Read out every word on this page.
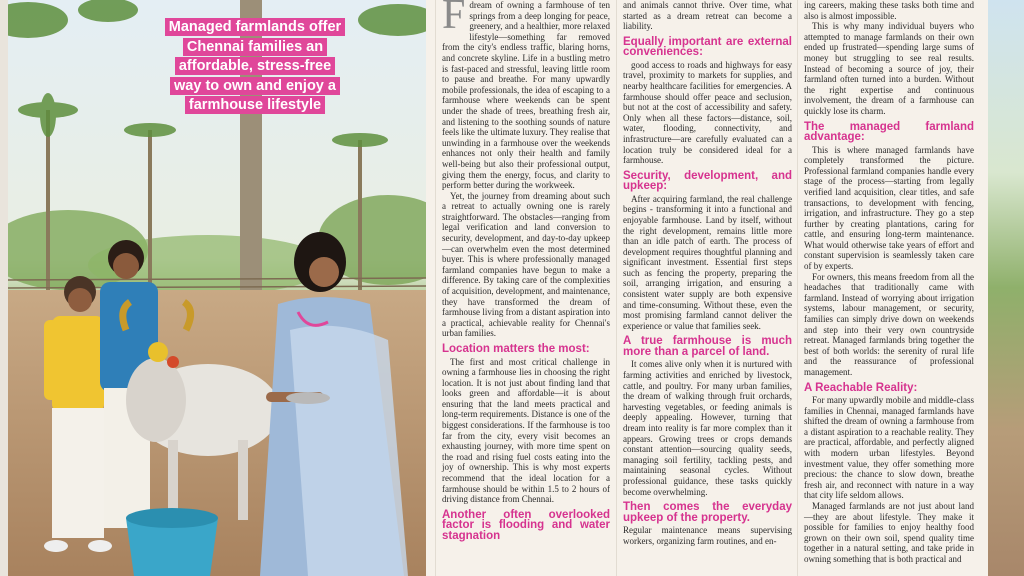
Managed farmlands offer Chennai families an affordable, stress-free way to own and enjoy a farmhouse lifestyle

Fdream of owning a farmhouse of ten springs from a deep longing for peace, greenery, and a healthier, more relaxed lifestyle—something far removed from the city's endless traffic, blaring horns, and concrete skyline. Life in a bustling metro is fast-paced and stressful, leaving little room to pause and breathe. For many upwardly mobile professionals, the idea of escaping to a farmhouse where weekends can be spent under the shade of trees, breathing fresh air, and listening to the soothing sounds of nature feels like the ultimate luxury. They realise that unwinding in a farmhouse over the weekends enhances not only their health and family well-being but also their professional output, giving them the energy, focus, and clarity to perform better during the workweek.

Yet, the journey from dreaming about such a retreat to actually owning one is rarely straightforward. The obstacles—ranging from legal verification and land conversion to security, development, and day-to-day upkeep—can overwhelm even the most determined buyer. This is where professionally managed farmland companies have begun to make a difference. By taking care of the complexities of acquisition, development, and maintenance, they have transformed the dream of farmhouse living from a distant aspiration into a practical, achievable reality for Chennai's urban families.

Location matters the most:

The first and most critical challenge in owning a farmhouse lies in choosing the right location. It is not just about finding land that looks green and affordable—it is about ensuring that the land meets practical and long-term requirements. Distance is one of the biggest considerations. If the farmhouse is too far from the city, every visit becomes an exhausting journey, with more time spent on the road and rising fuel costs eating into the joy of ownership. This is why most experts recommend that the ideal location for a farmhouse should be within 1.5 to 2 hours of driving distance from Chennai.

Another often overlooked factor is flooding and water stagnation

and animals cannot thrive. Over time, what started as a dream retreat can become a liability.

Equally important are external conveniences:

good access to roads and highways for easy travel, proximity to markets for supplies, and nearby healthcare facilities for emergencies. A farmhouse should offer peace and seclusion, but not at the cost of accessibility and safety. Only when all these factors—distance, soil, water, flooding, connectivity, and infrastructure—are carefully evaluated can a location truly be considered ideal for a farmhouse.

Security, development, and upkeep:

After acquiring farmland, the real challenge begins - transforming it into a functional and enjoyable farmhouse. Land by itself, without the right development, remains little more than an idle patch of earth. The process of development requires thoughtful planning and significant investment. Essential first steps such as fencing the property, preparing the soil, arranging irrigation, and ensuring a consistent water supply are both expensive and time-consuming. Without these, even the most promising farmland cannot deliver the experience or value that families seek.

A true farmhouse is much more than a parcel of land.

It comes alive only when it is nurtured with farming activities and enriched by livestock, cattle, and poultry. For many urban families, the dream of walking through fruit orchards, harvesting vegetables, or feeding animals is deeply appealing. However, turning that dream into reality is far more complex than it appears. Growing trees or crops demands constant attention—sourcing quality seeds, managing soil fertility, tackling pests, and maintaining seasonal cycles. Without professional guidance, these tasks quickly become overwhelming.

Then comes the everyday upkeep of the property.

Regular maintenance means supervising workers, organizing farm routines, and en-

ing careers, making these tasks both time and also is almost impossible.

This is why many individual buyers who attempted to manage farmlands on their own ended up frustrated—spending large sums of money but struggling to see real results. Instead of becoming a source of joy, their farmland often turned into a burden. Without the right expertise and continuous involvement, the dream of a farmhouse can quickly lose its charm.

The managed farmland advantage:

This is where managed farmlands have completely transformed the picture. Professional farmland companies handle every stage of the process—starting from legally verified land acquisition, clear titles, and safe transactions, to development with fencing, irrigation, and infrastructure. They go a step further by creating plantations, caring for cattle, and ensuring long-term maintenance. What would otherwise take years of effort and constant supervision is seamlessly taken care of by experts.

For owners, this means freedom from all the headaches that traditionally came with farmland. Instead of worrying about irrigation systems, labour management, or security, families can simply drive down on weekends and step into their very own countryside retreat. Managed farmlands bring together the best of both worlds: the serenity of rural life and the reassurance of professional management.

A Reachable Reality:

For many upwardly mobile and middle-class families in Chennai, managed farmlands have shifted the dream of owning a farmhouse from a distant aspiration to a reachable reality. They are practical, affordable, and perfectly aligned with modern urban lifestyles. Beyond investment value, they offer something more precious: the chance to slow down, breathe fresh air, and reconnect with nature in a way that city life seldom allows.

Managed farmlands are not just about land—they are about lifestyle. They make it possible for families to enjoy healthy food grown on their own soil, spend quality time together in a natural setting, and take pride in owning something that is both practical and
